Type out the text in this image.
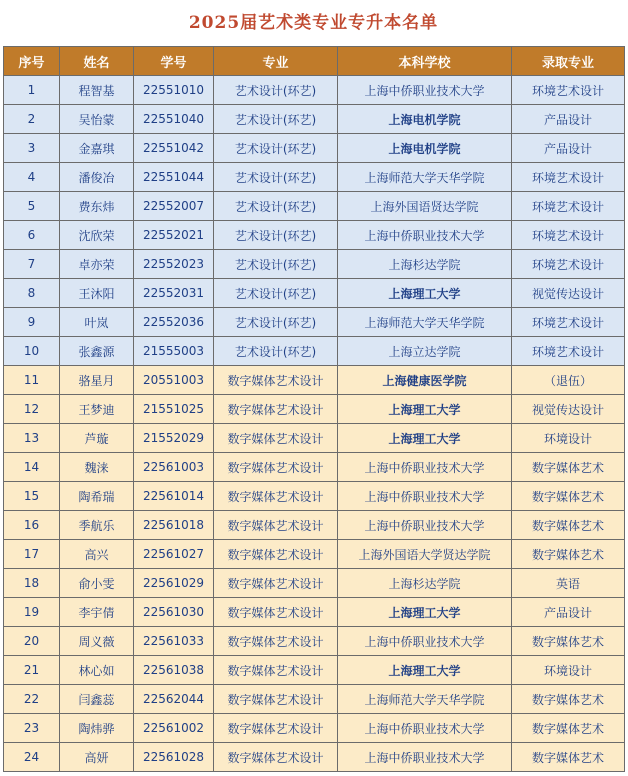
2025届艺术类专业专升本名单
序号	姓名	学号	专业	本科学校	录取专业
1	程智基	22551010	艺术设计(环艺)	上海中侨职业技术大学	环境艺术设计
2	吴怡蒙	22551040	艺术设计(环艺)	上海电机学院	产品设计
3	金嘉琪	22551042	艺术设计(环艺)	上海电机学院	产品设计
4	潘俊冶	22551044	艺术设计(环艺)	上海师范大学天华学院	环境艺术设计
5	费东炜	22552007	艺术设计(环艺)	上海外国语贤达学院	环境艺术设计
6	沈欣荣	22552021	艺术设计(环艺)	上海中侨职业技术大学	环境艺术设计
7	卓亦荣	22552023	艺术设计(环艺)	上海杉达学院	环境艺术设计
8	王沐阳	22552031	艺术设计(环艺)	上海理工大学	视觉传达设计
9	叶岚	22552036	艺术设计(环艺)	上海师范大学天华学院	环境艺术设计
10	张鑫源	21555003	艺术设计(环艺)	上海立达学院	环境艺术设计
11	骆星月	20551003	数字媒体艺术设计	上海健康医学院	（退伍）
12	王梦迪	21551025	数字媒体艺术设计	上海理工大学	视觉传达设计
13	芦璇	21552029	数字媒体艺术设计	上海理工大学	环境设计
14	魏涞	22561003	数字媒体艺术设计	上海中侨职业技术大学	数字媒体艺术
15	陶希瑞	22561014	数字媒体艺术设计	上海中侨职业技术大学	数字媒体艺术
16	季航乐	22561018	数字媒体艺术设计	上海中侨职业技术大学	数字媒体艺术
17	高兴	22561027	数字媒体艺术设计	上海外国语大学贤达学院	数字媒体艺术
18	俞小雯	22561029	数字媒体艺术设计	上海杉达学院	英语
19	李宇倩	22561030	数字媒体艺术设计	上海理工大学	产品设计
20	周义薇	22561033	数字媒体艺术设计	上海中侨职业技术大学	数字媒体艺术
21	林心如	22561038	数字媒体艺术设计	上海理工大学	环境设计
22	闫鑫蕊	22562044	数字媒体艺术设计	上海师范大学天华学院	数字媒体艺术
23	陶炜骅	22561002	数字媒体艺术设计	上海中侨职业技术大学	数字媒体艺术
24	高妍	22561028	数字媒体艺术设计	上海中侨职业技术大学	数字媒体艺术
